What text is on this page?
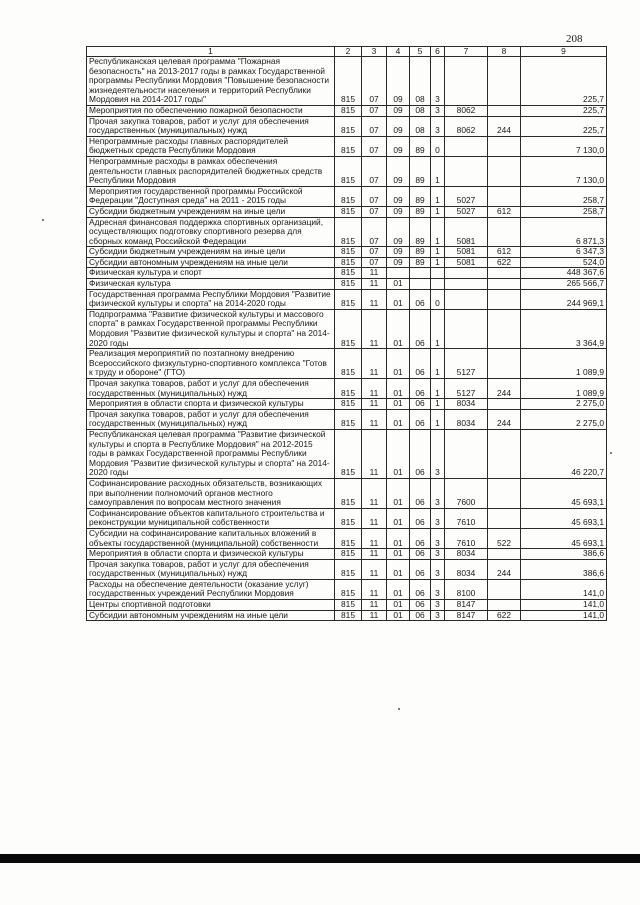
208
1	2	3	4	5	6	7	8	9
Республиканская целевая программа "Пожарная безопасность" на 2013-2017 годы в рамках Государственной программы Республики Мордовия "Повышение безопасности жизнедеятельности населения и территорий Республики Мордовия на 2014-2017 годы"	815	07	09	08	3			225,7
Мероприятия по обеспечению пожарной безопасности	815	07	09	08	3	8062		225,7
Прочая закупка товаров, работ и услуг для обеспечения государственных (муниципальных) нужд	815	07	09	08	3	8062	244	225,7
Непрограммные расходы главных распорядителей бюджетных средств Республики Мордовия	815	07	09	89	0			7 130,0
Непрограммные расходы в рамках обеспечения деятельности главных распорядителей бюджетных средств Республики Мордовия	815	07	09	89	1			7 130,0
Мероприятия государственной программы Российской Федерации "Доступная среда" на 2011 - 2015 годы	815	07	09	89	1	5027		258,7
Субсидии бюджетным учреждениям на иные цели	815	07	09	89	1	5027	612	258,7
Адресная финансовая поддержка спортивных организаций, осуществляющих подготовку спортивного резерва для сборных команд Российской Федерации	815	07	09	89	1	5081		6 871,3
Субсидии бюджетным учреждениям на иные цели	815	07	09	89	1	5081	612	6 347,3
Субсидии автономным учреждениям на иные цели	815	07	09	89	1	5081	622	524,0
Физическая культура и спорт	815	11						448 367,6
Физическая культура	815	11	01					265 566,7
Государственная программа Республики Мордовия "Развитие физической культуры и спорта" на 2014-2020 годы	815	11	01	06	0			244 969,1
Подпрограмма "Развитие физической культуры и массового спорта" в рамках Государственной программы Республики Мордовия "Развитие физической культуры и спорта" на 2014-2020 годы	815	11	01	06	1			3 364,9
Реализация мероприятий по поэтапному внедрению Всероссийского физкультурно-спортивного комплекса "Готов к труду и обороне" (ГТО)	815	11	01	06	1	5127		1 089,9
Прочая закупка товаров, работ и услуг для обеспечения государственных (муниципальных) нужд	815	11	01	06	1	5127	244	1 089,9
Мероприятия в области спорта и физической культуры	815	11	01	06	1	8034		2 275,0
Прочая закупка товаров, работ и услуг для обеспечения государственных (муниципальных) нужд	815	11	01	06	1	8034	244	2 275,0
Республиканская целевая программа "Развитие физической культуры и спорта в Республике Мордовия" на 2012-2015 годы в рамках Государственной программы Республики Мордовия "Развитие физической культуры и спорта" на 2014-2020 годы	815	11	01	06	3			46 220,7
Софинансирование расходных обязательств, возникающих при выполнении полномочий органов местного самоуправления по вопросам местного значения	815	11	01	06	3	7600		45 693,1
Софинансирование объектов капитального строительства и реконструкции муниципальной собственности	815	11	01	06	3	7610		45 693,1
Субсидии на софинансирование капитальных вложений в объекты государственной (муниципальной) собственности	815	11	01	06	3	7610	522	45 693,1
Мероприятия в области спорта и физической культуры	815	11	01	06	3	8034		386,6
Прочая закупка товаров, работ и услуг для обеспечения государственных (муниципальных) нужд	815	11	01	06	3	8034	244	386,6
Расходы на обеспечение деятельности (оказание услуг) государственных учреждений Республики Мордовия	815	11	01	06	3	8100		141,0
Центры спортивной подготовки	815	11	01	06	3	8147		141,0
Субсидии автономным учреждениям на иные цели	815	11	01	06	3	8147	622	141,0
